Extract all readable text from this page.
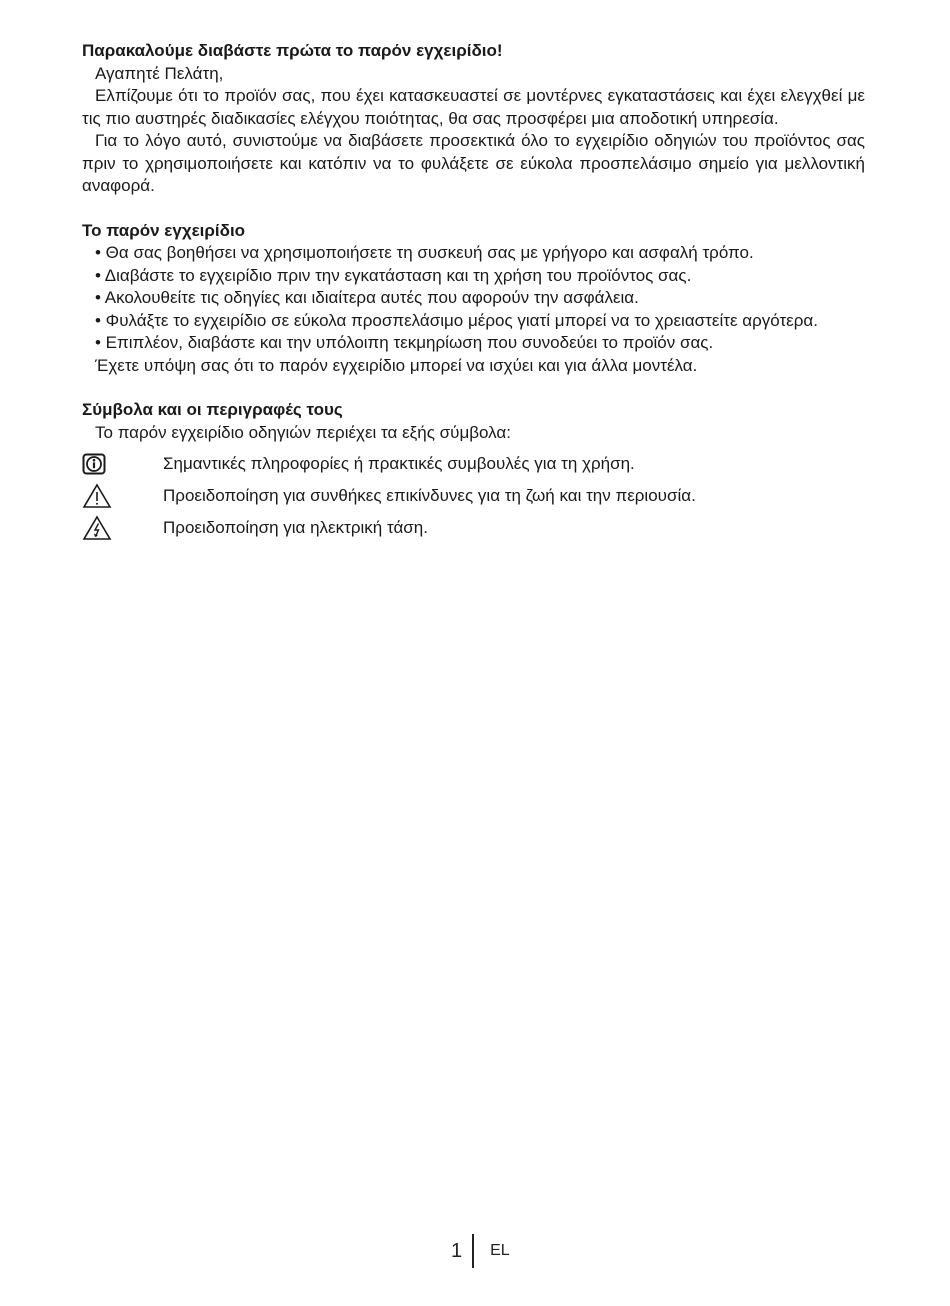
Παρακαλούμε διαβάστε πρώτα το παρόν εγχειρίδιο!

Αγαπητέ Πελάτη,

Ελπίζουμε ότι το προϊόν σας, που έχει κατασκευαστεί σε μοντέρνες εγκαταστάσεις και έχει ελεγχθεί με τις πιο αυστηρές διαδικασίες ελέγχου ποιότητας, θα σας προσφέρει μια αποδοτική υπηρεσία.

Για το λόγο αυτό, συνιστούμε να διαβάσετε προσεκτικά όλο το εγχειρίδιο οδηγιών του προϊόντος σας πριν το χρησιμοποιήσετε και κατόπιν να το φυλάξετε σε εύκολα προσπελάσιμο σημείο για μελλοντική αναφορά.

Το παρόν εγχειρίδιο

• Θα σας βοηθήσει να χρησιμοποιήσετε τη συσκευή σας με γρήγορο και ασφαλή τρόπο.

• Διαβάστε το εγχειρίδιο πριν την εγκατάσταση και τη χρήση του προϊόντος σας.

• Ακολουθείτε τις οδηγίες και ιδιαίτερα αυτές που αφορούν την ασφάλεια.

• Φυλάξτε το εγχειρίδιο σε εύκολα προσπελάσιμο μέρος γιατί μπορεί να το χρειαστείτε αργότερα.

• Επιπλέον, διαβάστε και την υπόλοιπη τεκμηρίωση που συνοδεύει το προϊόν σας.

Έχετε υπόψη σας ότι το παρόν εγχειρίδιο μπορεί να ισχύει και για άλλα μοντέλα.

Σύμβολα και οι περιγραφές τους

Το παρόν εγχειρίδιο οδηγιών περιέχει τα εξής σύμβολα:

Σημαντικές πληροφορίες ή πρακτικές συμβουλές για τη χρήση.
Προειδοποίηση για συνθήκες επικίνδυνες για τη ζωή και την περιουσία.
Προειδοποίηση για ηλεκτρική τάση.
1	EL
